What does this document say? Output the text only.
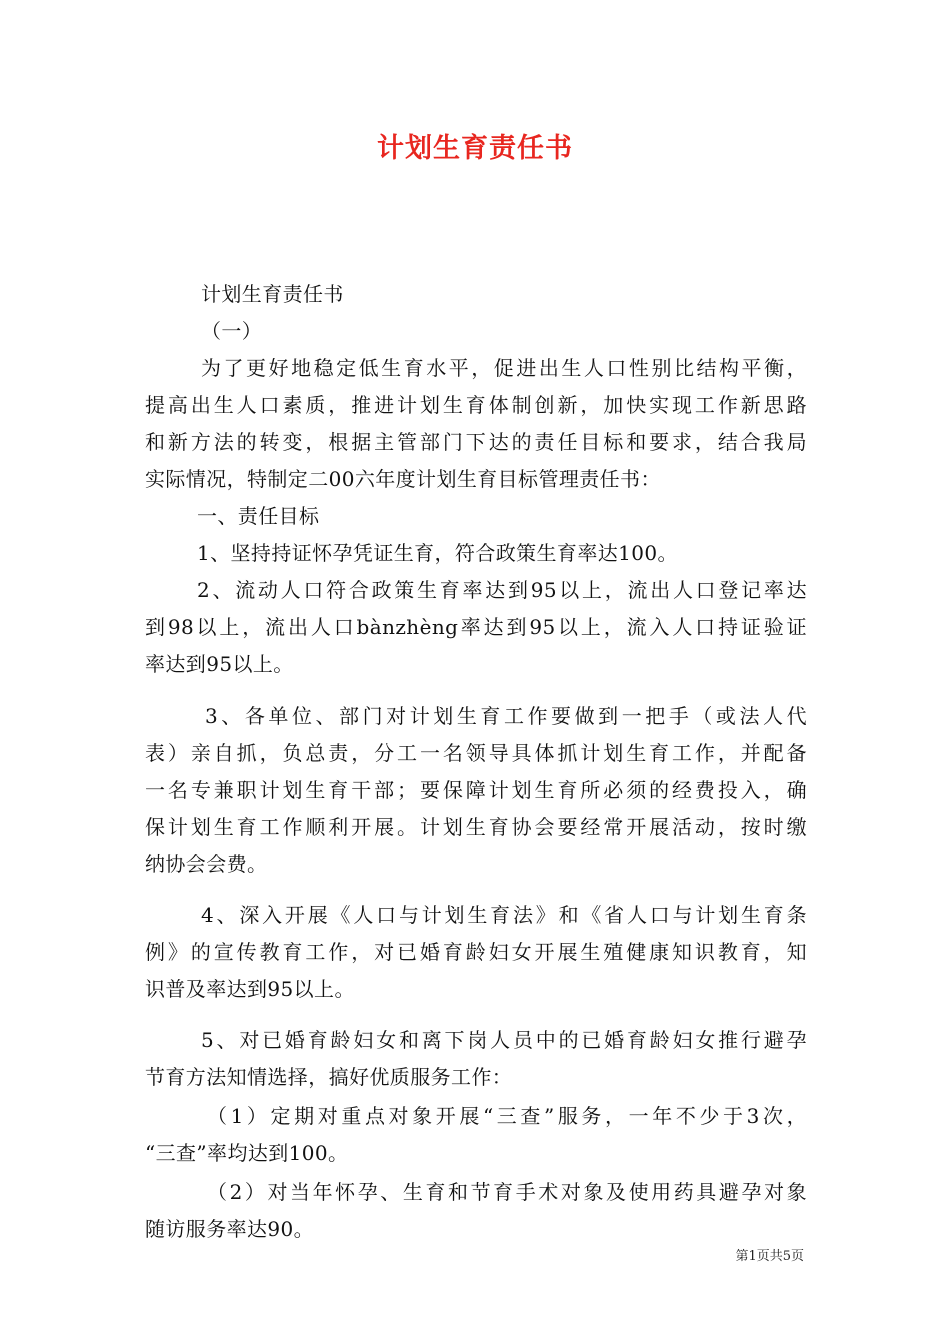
计划生育责任书
计划生育责任书
（一）
为了更好地稳定低生育水平，促进出生人口性别比结构平衡，
提高出生人口素质，推进计划生育体制创新，加快实现工作新思路
和新方法的转变，根据主管部门下达的责任目标和要求，结合我局
实际情况，特制定二00六年度计划生育目标管理责任书：
一、责任目标
1、坚持持证怀孕凭证生育，符合政策生育率达100。
2、流动人口符合政策生育率达到95以上，流出人口登记率达
到98以上，流出人口bànzhèng率达到95以上，流入人口持证验证
率达到95以上。
3、各单位、部门对计划生育工作要做到一把手（或法人代
表）亲自抓，负总责，分工一名领导具体抓计划生育工作，并配备
一名专兼职计划生育干部；要保障计划生育所必须的经费投入，确
保计划生育工作顺利开展。计划生育协会要经常开展活动，按时缴
纳协会会费。
4、深入开展《人口与计划生育法》和《省人口与计划生育条
例》的宣传教育工作，对已婚育龄妇女开展生殖健康知识教育，知
识普及率达到95以上。
5、对已婚育龄妇女和离下岗人员中的已婚育龄妇女推行避孕
节育方法知情选择，搞好优质服务工作：
（1）定期对重点对象开展“三查”服务，一年不少于3次，
“三查”率均达到100。
（2）对当年怀孕、生育和节育手术对象及使用药具避孕对象
随访服务率达90。
第1页共5页
